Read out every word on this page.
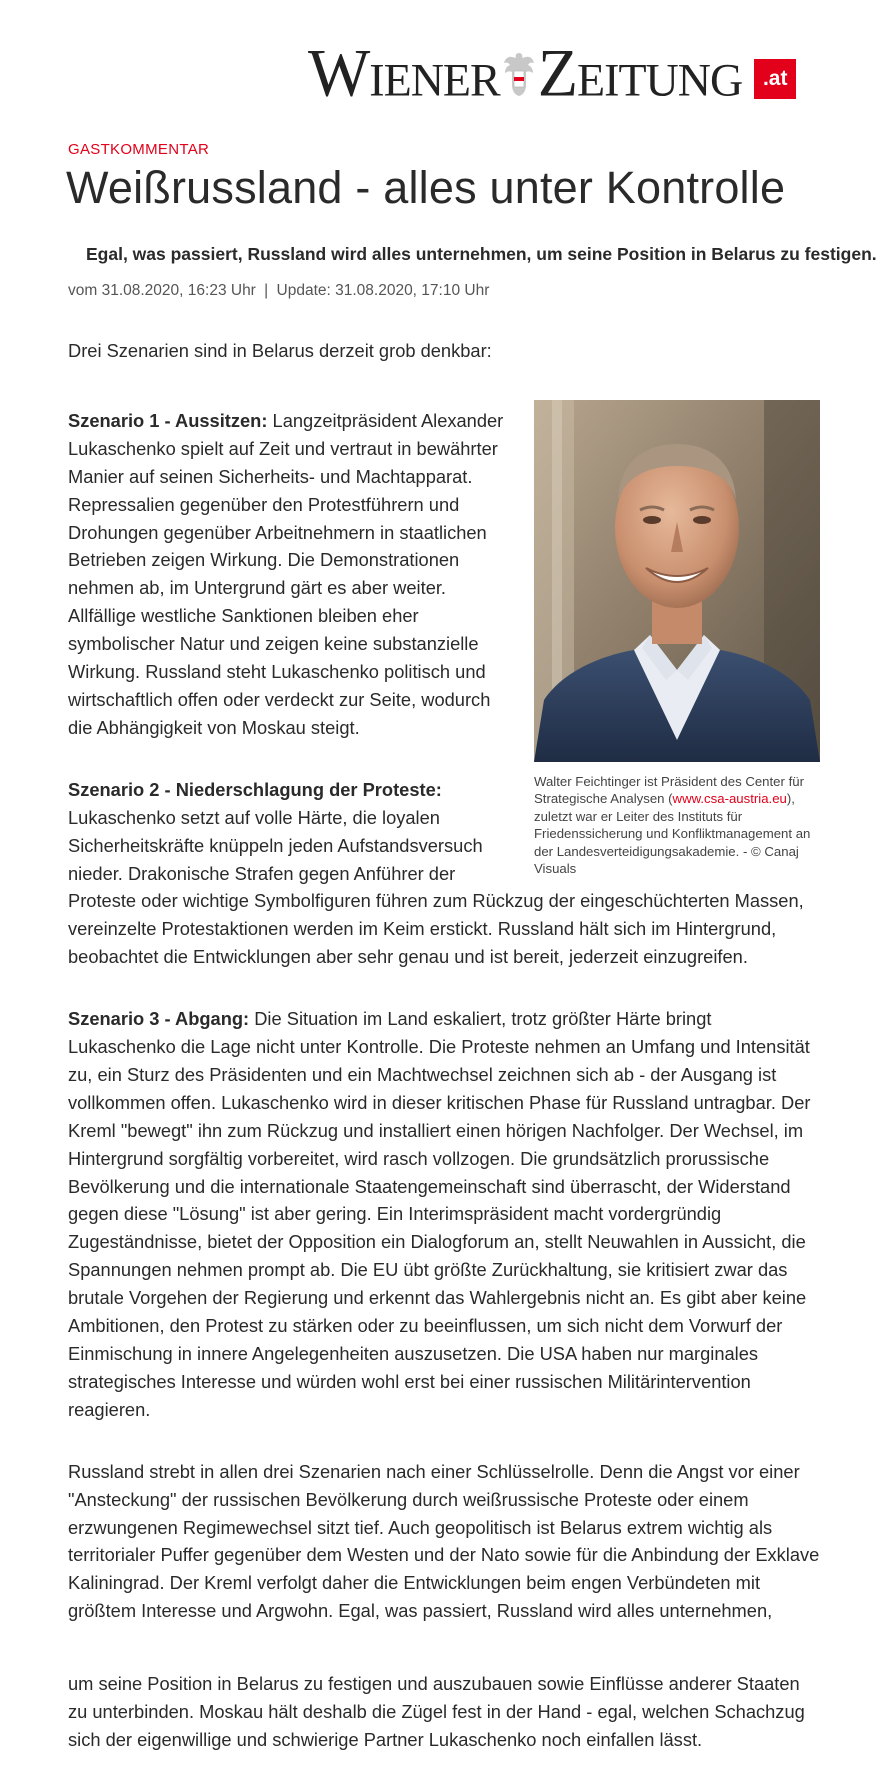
Wiener Zeitung .at
GASTKOMMENTAR
Weißrussland - alles unter Kontrolle
Egal, was passiert, Russland wird alles unternehmen, um seine Position in Belarus zu festigen.
vom 31.08.2020, 16:23 Uhr | Update: 31.08.2020, 17:10 Uhr

Drei Szenarien sind in Belarus derzeit grob denkbar:

Walter Feichtinger ist Präsident des Center für Strategische Analysen (www.csa-austria.eu), zuletzt war er Leiter des Instituts für Friedenssicherung und Konfliktmanagement an der Landesverteidigungsakademie. - © Canaj Visuals

Szenario 1 - Aussitzen: Langzeitpräsident Alexander Lukaschenko spielt auf Zeit und vertraut in bewährter Manier auf seinen Sicherheits- und Machtapparat. Repressalien gegenüber den Protestführern und Drohungen gegenüber Arbeitnehmern in staatlichen Betrieben zeigen Wirkung. Die Demonstrationen nehmen ab, im Untergrund gärt es aber weiter. Allfällige westliche Sanktionen bleiben eher symbolischer Natur und zeigen keine substanzielle Wirkung. Russland steht Lukaschenko politisch und wirtschaftlich offen oder verdeckt zur Seite, wodurch die Abhängigkeit von Moskau steigt.

Szenario 2 - Niederschlagung der Proteste:
Lukaschenko setzt auf volle Härte, die loyalen Sicherheitskräfte knüppeln jeden Aufstandsversuch nieder. Drakonische Strafen gegen Anführer der Proteste oder wichtige Symbolfiguren führen zum Rückzug der eingeschüchterten Massen, vereinzelte Protestaktionen werden im Keim erstickt. Russland hält sich im Hintergrund, beobachtet die Entwicklungen aber sehr genau und ist bereit, jederzeit einzugreifen.

Szenario 3 - Abgang: Die Situation im Land eskaliert, trotz größter Härte bringt Lukaschenko die Lage nicht unter Kontrolle. Die Proteste nehmen an Umfang und Intensität zu, ein Sturz des Präsidenten und ein Machtwechsel zeichnen sich ab - der Ausgang ist vollkommen offen. Lukaschenko wird in dieser kritischen Phase für Russland untragbar. Der Kreml "bewegt" ihn zum Rückzug und installiert einen hörigen Nachfolger. Der Wechsel, im Hintergrund sorgfältig vorbereitet, wird rasch vollzogen. Die grundsätzlich prorussische Bevölkerung und die internationale Staatengemeinschaft sind überrascht, der Widerstand gegen diese "Lösung" ist aber gering. Ein Interimspräsident macht vordergründig Zugeständnisse, bietet der Opposition ein Dialogforum an, stellt Neuwahlen in Aussicht, die Spannungen nehmen prompt ab. Die EU übt größte Zurückhaltung, sie kritisiert zwar das brutale Vorgehen der Regierung und erkennt das Wahlergebnis nicht an. Es gibt aber keine Ambitionen, den Protest zu stärken oder zu beeinflussen, um sich nicht dem Vorwurf der Einmischung in innere Angelegenheiten auszusetzen. Die USA haben nur marginales strategisches Interesse und würden wohl erst bei einer russischen Militärintervention reagieren.

Russland strebt in allen drei Szenarien nach einer Schlüsselrolle. Denn die Angst vor einer "Ansteckung" der russischen Bevölkerung durch weißrussische Proteste oder einem erzwungenen Regimewechsel sitzt tief. Auch geopolitisch ist Belarus extrem wichtig als territorialer Puffer gegenüber dem Westen und der Nato sowie für die Anbindung der Exklave Kaliningrad. Der Kreml verfolgt daher die Entwicklungen beim engen Verbündeten mit größtem Interesse und Argwohn. Egal, was passiert, Russland wird alles unternehmen,

um seine Position in Belarus zu festigen und auszubauen sowie Einflüsse anderer Staaten zu unterbinden. Moskau hält deshalb die Zügel fest in der Hand - egal, welchen Schachzug sich der eigenwillige und schwierige Partner Lukaschenko noch einfallen lässt.
